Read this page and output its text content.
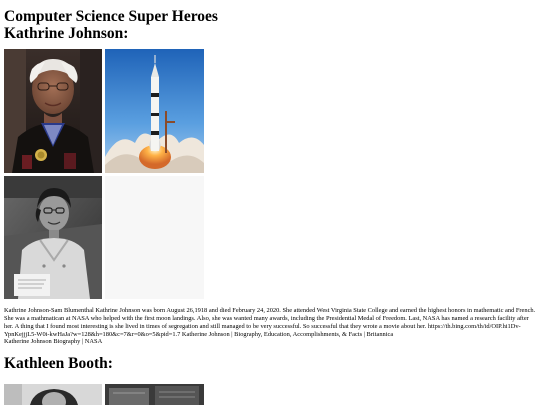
Computer Science Super Heroes
Kathrine Johnson:

Kathrine Johnson-Sam Blumenthal Kathrine Johnson was born August 26,1918 and died February 24, 2020. She attended West Virginia State College and earned the highest honors in mathematic and French. She was a mathmatican at NASA who helped with the first moon landings. Also, she was wanted many awards, including the Presidential Medal of Freedom. Last, NASA has named a research facility after her. A thing that I found most interesting is she lived in times of segregation and still managed to be very successful. So successful that they wrote a movie about her. https://th.bing.com/th/id/OIP.hi1Dv-YpnKejjjL5-W0i-kwHaJa?w=128&h=180&c=7&r=0&o=5&pid=1.7 Katherine Johnson | Biography, Education, Accomplishments, & Facts | Britannica

Katherine Johnson Biography | NASA
Kathleen Booth:
